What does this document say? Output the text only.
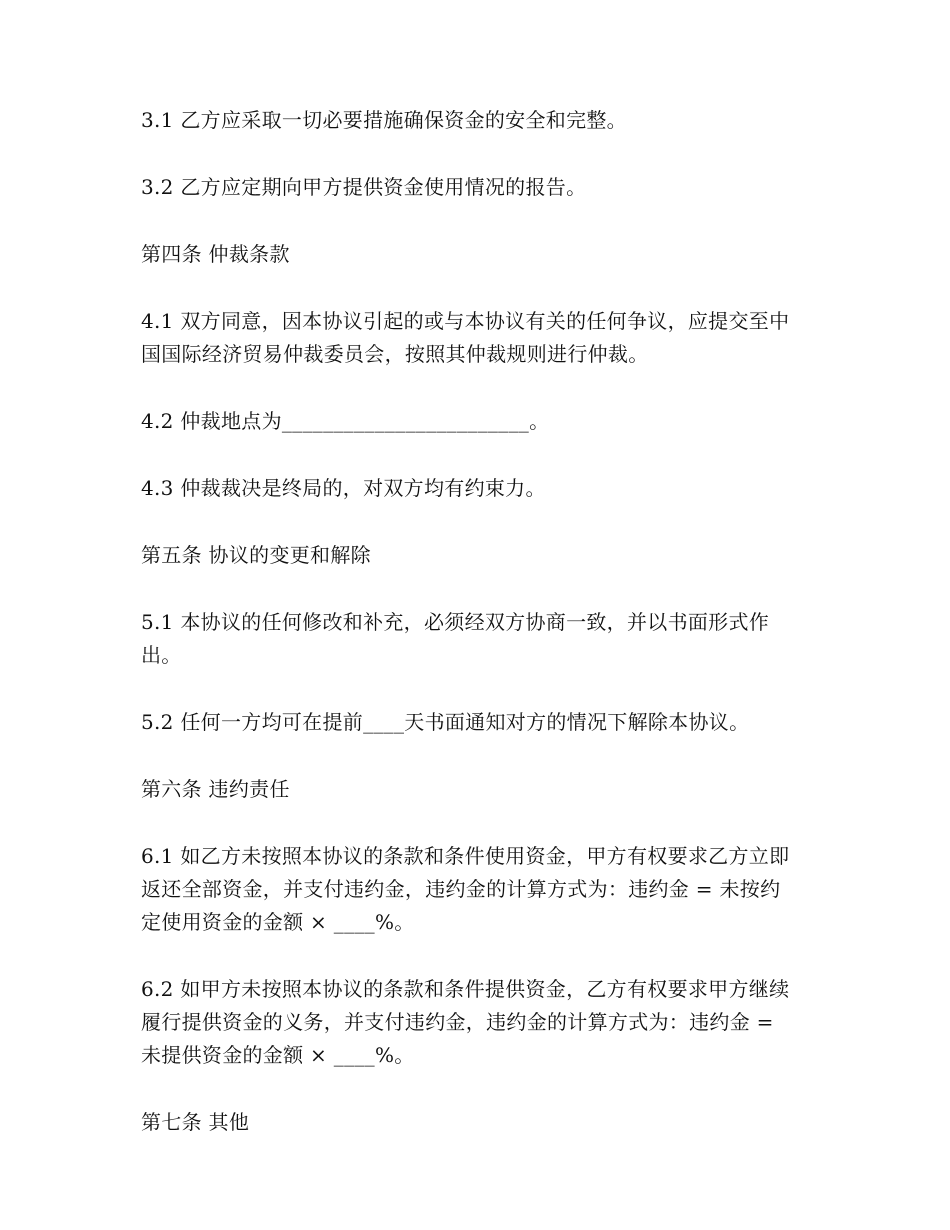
3.1 乙方应采取一切必要措施确保资金的安全和完整。

3.2 乙方应定期向甲方提供资金使用情况的报告。

第四条 仲裁条款

4.1 双方同意，因本协议引起的或与本协议有关的任何争议，应提交至中国国际经济贸易仲裁委员会，按照其仲裁规则进行仲裁。

4.2 仲裁地点为________________________。

4.3 仲裁裁决是终局的，对双方均有约束力。

第五条 协议的变更和解除

5.1 本协议的任何修改和补充，必须经双方协商一致，并以书面形式作出。

5.2 任何一方均可在提前____天书面通知对方的情况下解除本协议。

第六条 违约责任

6.1 如乙方未按照本协议的条款和条件使用资金，甲方有权要求乙方立即返还全部资金，并支付违约金，违约金的计算方式为：违约金 = 未按约定使用资金的金额 × ____%。

6.2 如甲方未按照本协议的条款和条件提供资金，乙方有权要求甲方继续履行提供资金的义务，并支付违约金，违约金的计算方式为：违约金 = 未提供资金的金额 × ____%。

第七条 其他
